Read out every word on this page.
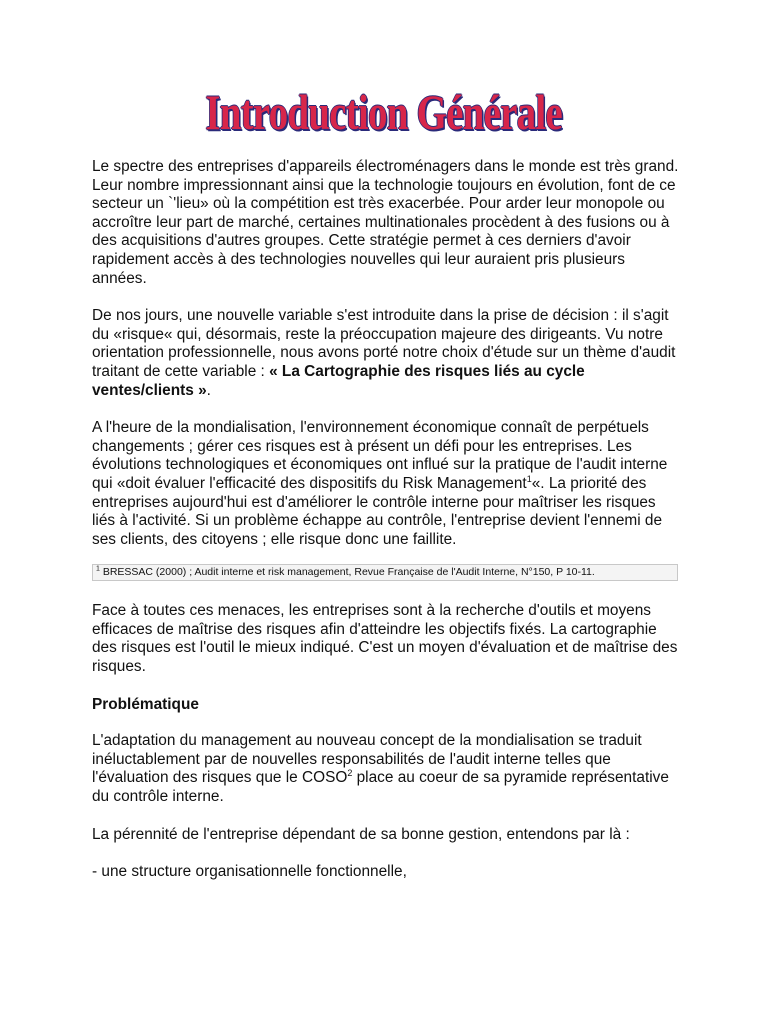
Introduction Générale

Le spectre des entreprises d'appareils électroménagers dans le monde est très grand. Leur nombre impressionnant ainsi que la technologie toujours en évolution, font de ce secteur un `'lieu» où la compétition est très exacerbée. Pour arder leur monopole ou accroître leur part de marché, certaines multinationales procèdent à des fusions ou à des acquisitions d'autres groupes. Cette stratégie permet à ces derniers d'avoir rapidement accès à des technologies nouvelles qui leur auraient pris plusieurs années.

De nos jours, une nouvelle variable s'est introduite dans la prise de décision : il s'agit du «risque« qui, désormais, reste la préoccupation majeure des dirigeants. Vu notre orientation professionnelle, nous avons porté notre choix d'étude sur un thème d'audit traitant de cette variable : « La Cartographie des risques liés au cycle ventes/clients ».

A l'heure de la mondialisation, l'environnement économique connaît de perpétuels changements ; gérer ces risques est à présent un défi pour les entreprises. Les évolutions technologiques et économiques ont influé sur la pratique de l'audit interne qui «doit évaluer l'efficacité des dispositifs du Risk Management$^1$«. La priorité des entreprises aujourd'hui est d'améliorer le contrôle interne pour maîtriser les risques liés à l'activité. Si un problème échappe au contrôle, l'entreprise devient l'ennemi de ses clients, des citoyens ; elle risque donc une faillite.

$^1$ BRESSAC (2000) ; Audit interne et risk management, Revue Française de l'Audit Interne, N°150, P 10-11.

Face à toutes ces menaces, les entreprises sont à la recherche d'outils et moyens efficaces de maîtrise des risques afin d'atteindre les objectifs fixés. La cartographie des risques est l'outil le mieux indiqué. C'est un moyen d'évaluation et de maîtrise des risques.

Problématique

L'adaptation du management au nouveau concept de la mondialisation se traduit inéluctablement par de nouvelles responsabilités de l'audit interne telles que l'évaluation des risques que le COSO$^2$ place au coeur de sa pyramide représentative du contrôle interne.

La pérennité de l'entreprise dépendant de sa bonne gestion, entendons par là :

- une structure organisationnelle fonctionnelle,
